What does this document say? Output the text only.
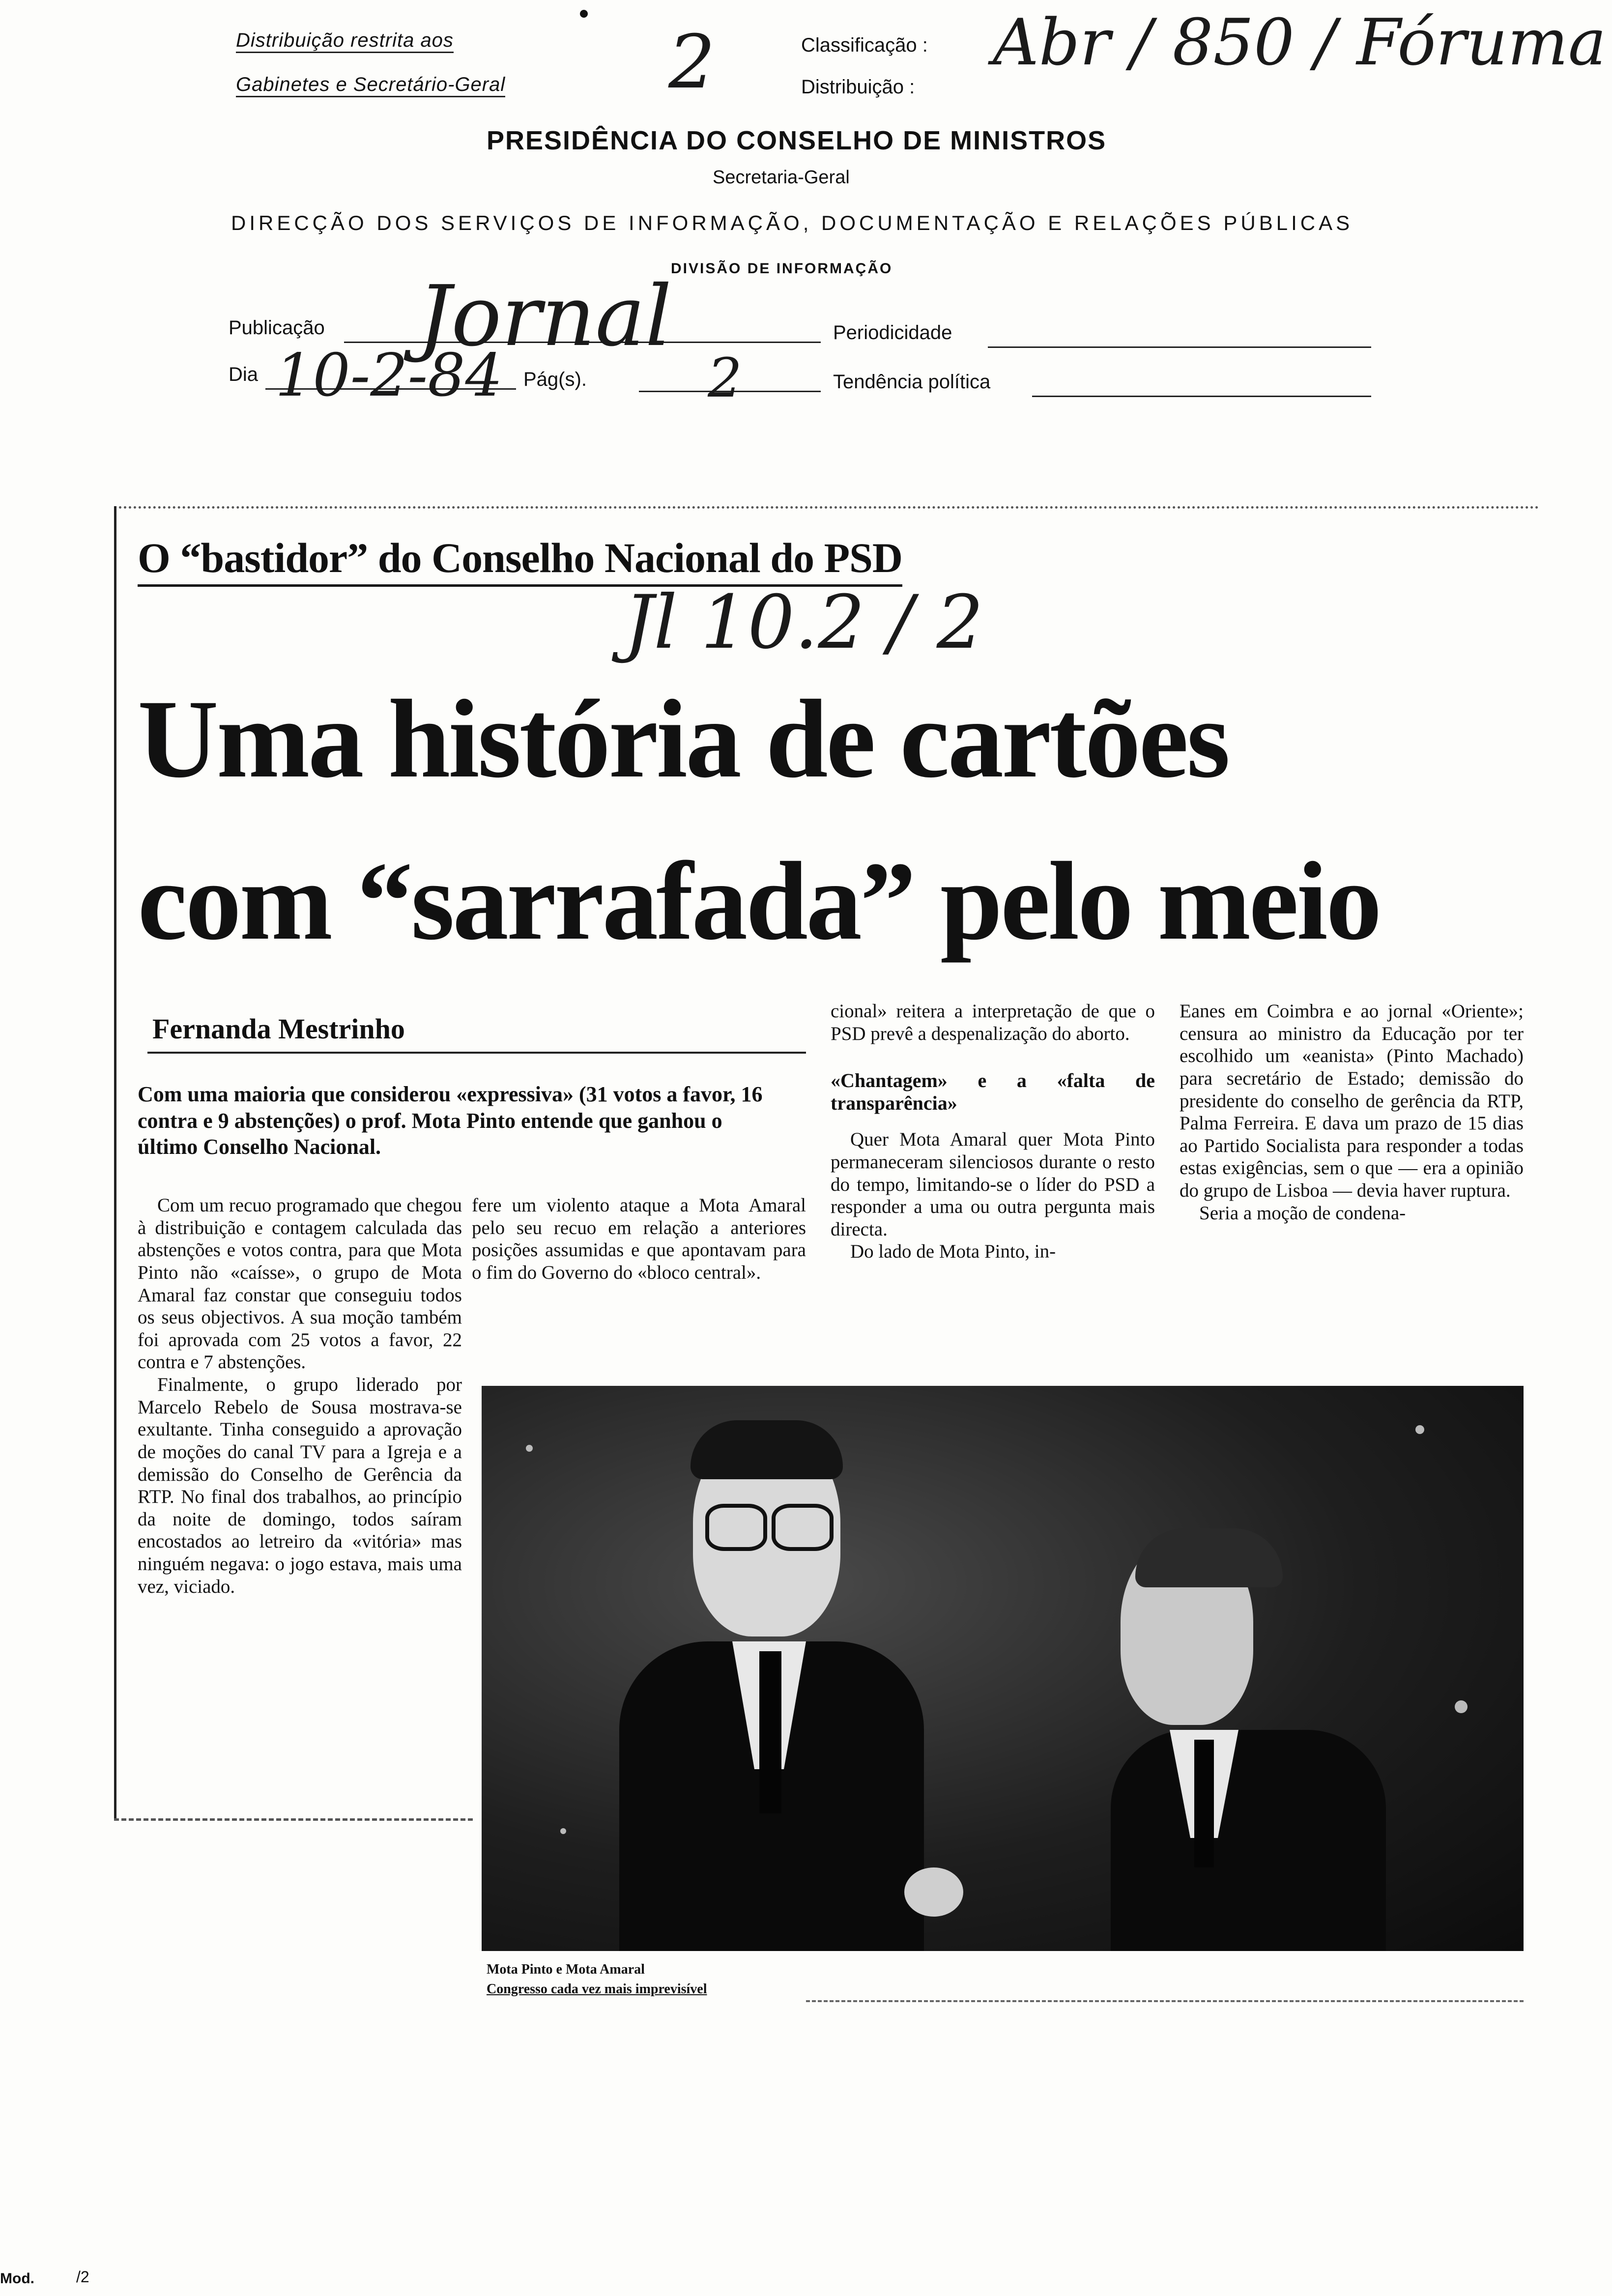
Distribuição restrita aos
Gabinetes e Secretário-Geral 2	Classificação :
Distribuição :
Abr / 850 / Fóruma
PRESIDÊNCIA DO CONSELHO DE MINISTROS
Secretaria-Geral
DIRECÇÃO DOS SERVIÇOS DE INFORMAÇÃO, DOCUMENTAÇÃO E RELAÇÕES PÚBLICAS
DIVISÃO DE INFORMAÇÃO
Publicação Jornal	Periodicidade
Dia 10-2-84 Pág(s). 2	Tendência política
O “bastidor” do Conselho Nacional do PSD
Jl 10.2 / 2
Uma história de cartões
com “sarrafada” pelo meio
Fernanda Mestrinho
Com uma maioria que considerou «expressiva» (31 votos a favor, 16 contra e 9 abstenções) o prof. Mota Pinto entende que ganhou o último Conselho Nacional.

Com um recuo programado que chegou à distribuição e contagem calculada das abstenções e votos contra, para que Mota Pinto não «caísse», o grupo de Mota Amaral faz constar que conseguiu todos os seus objectivos. A sua moção também foi aprovada com 25 votos a favor, 22 contra e 7 abstenções.

Finalmente, o grupo liderado por Marcelo Rebelo de Sousa mostrava-se exultante. Tinha conseguido a aprovação de moções do canal TV para a Igreja e a demissão do Conselho de Gerência da RTP. No final dos trabalhos, ao princípio da noite de domingo, todos saíram encostados ao letreiro da «vitória» mas ninguém negava: o jogo estava, mais uma vez, viciado.

fere um violento ataque a Mota Amaral pelo seu recuo em relação a anteriores posições assumidas e que apontavam para o fim do Governo do «bloco central».

cional» reitera a interpretação de que o PSD prevê a despenalização do aborto.

«Chantagem» e a «falta de transparência»

Quer Mota Amaral quer Mota Pinto permaneceram silenciosos durante o resto do tempo, limitando-se o líder do PSD a responder a uma ou outra pergunta mais directa.

Do lado de Mota Pinto, in-

Eanes em Coimbra e ao jornal «Oriente»; censura ao ministro da Educação por ter escolhido um «eanista» (Pinto Machado) para secretário de Estado; demissão do presidente do conselho de gerência da RTP, Palma Ferreira. E dava um prazo de 15 dias ao Partido Socialista para responder a todas estas exigências, sem o que — era a opinião do grupo de Lisboa — devia haver ruptura.

Seria a moção de condena-

Mota Pinto e Mota Amaral
Congresso cada vez mais imprevisível
Mod.	/2
